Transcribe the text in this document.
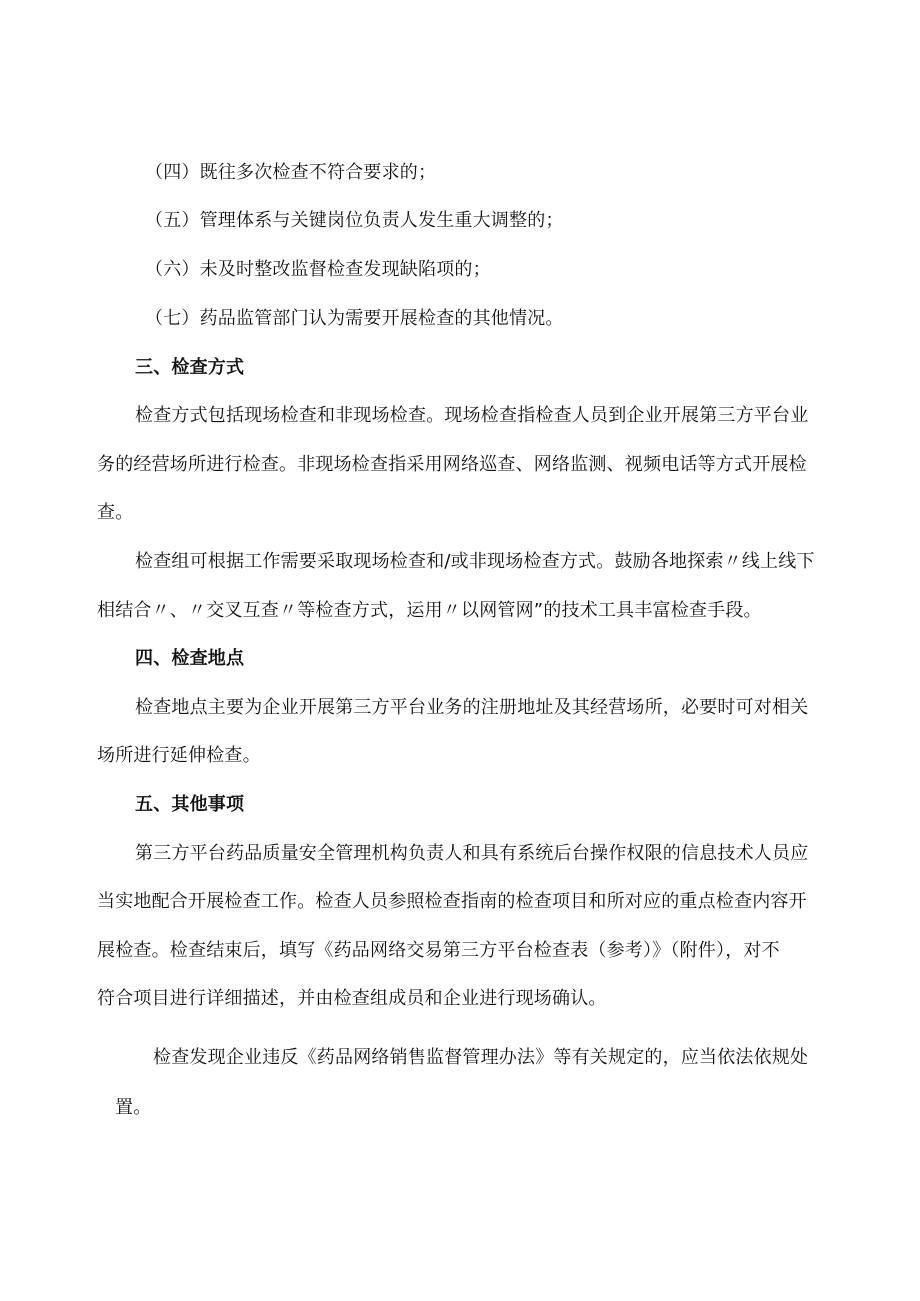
（四）既往多次检查不符合要求的；
（五）管理体系与关键岗位负责人发生重大调整的；
（六）未及时整改监督检查发现缺陷项的；
（七）药品监管部门认为需要开展检查的其他情况。
三、检查方式
检查方式包括现场检查和非现场检查。现场检查指检查人员到企业开展第三方平台业
务的经营场所进行检查。非现场检查指采用网络巡查、网络监测、视频电话等方式开展检
查。
检查组可根据工作需要采取现场检查和/或非现场检查方式。鼓励各地探索〃线上线下
相结合〃、〃交叉互查〃等检查方式，运用〃以网管网”的技术工具丰富检查手段。
四、检查地点
检查地点主要为企业开展第三方平台业务的注册地址及其经营场所，必要时可对相关
场所进行延伸检查。
五、其他事项
第三方平台药品质量安全管理机构负责人和具有系统后台操作权限的信息技术人员应
当实地配合开展检查工作。检查人员参照检查指南的检查项目和所对应的重点检查内容开
展检查。检查结束后，填写《药品网络交易第三方平台检查表（参考）》（附件），对不
符合项目进行详细描述，并由检查组成员和企业进行现场确认。
检查发现企业违反《药品网络销售监督管理办法》等有关规定的，应当依法依规处
置。
